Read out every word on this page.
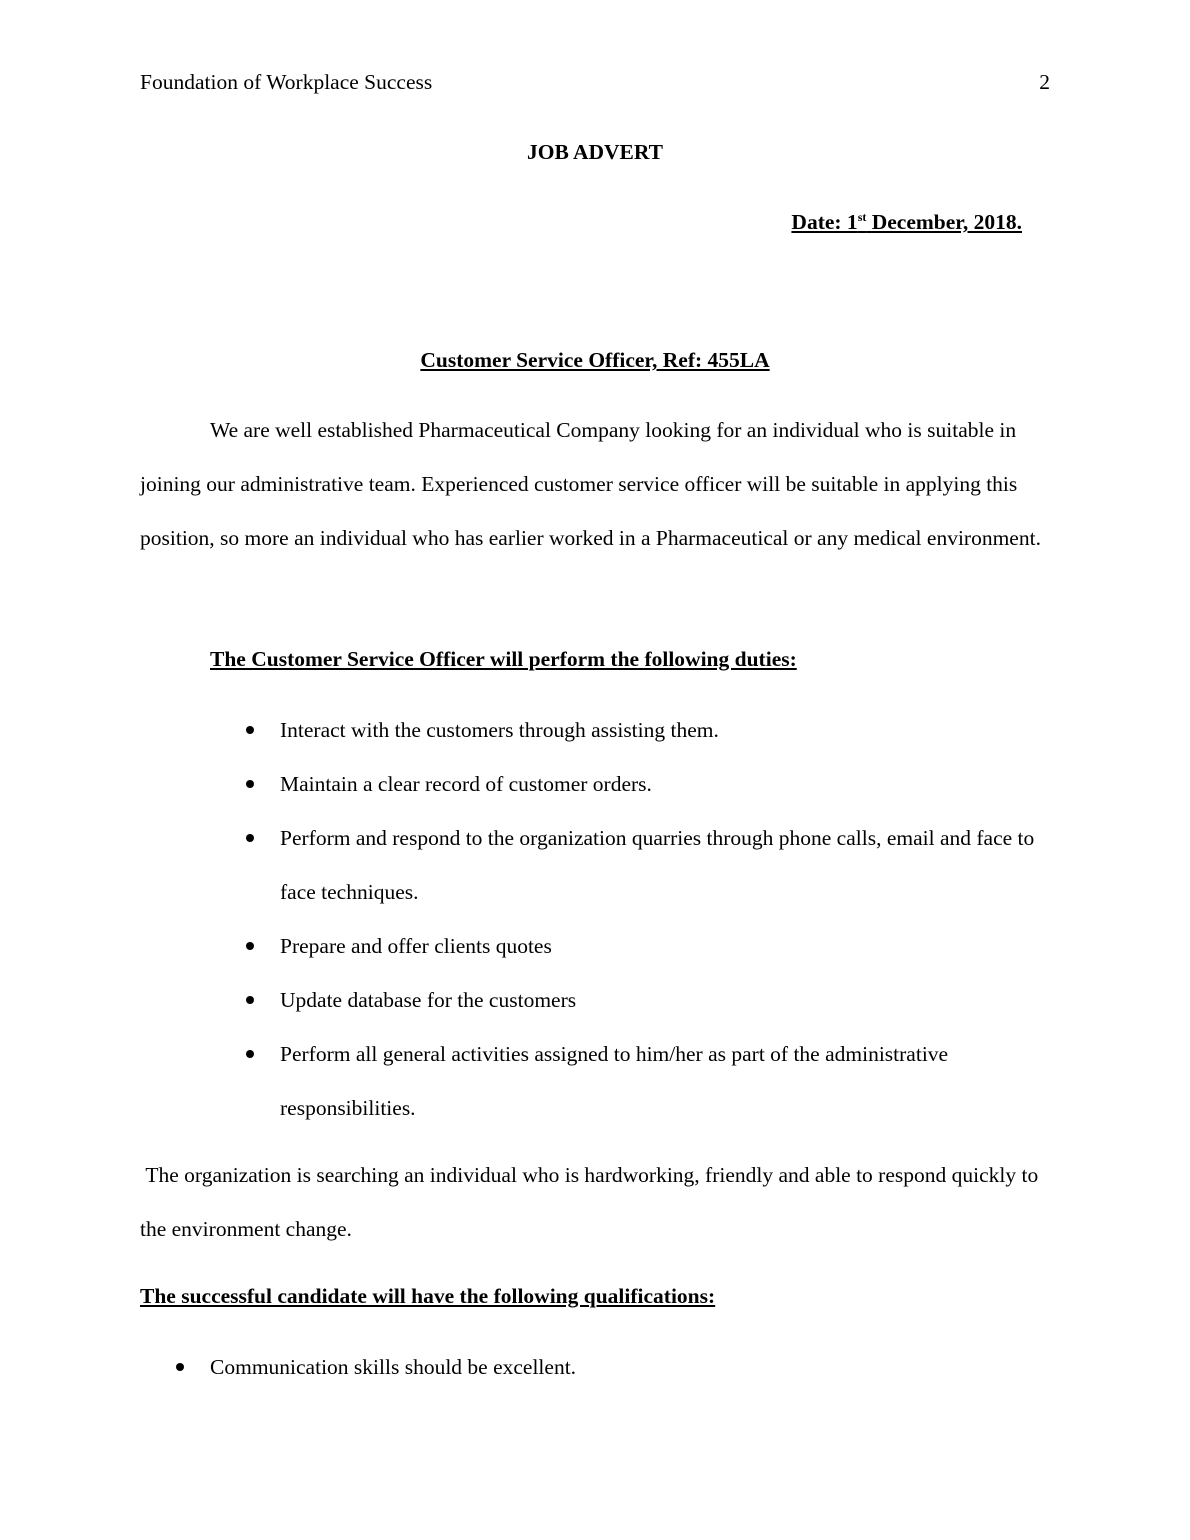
Foundation of Workplace Success	2
JOB ADVERT
Date: 1st December, 2018.
Customer Service Officer, Ref: 455LA
We are well established Pharmaceutical Company looking for an individual who is suitable in joining our administrative team. Experienced customer service officer will be suitable in applying this position, so more an individual who has earlier worked in a Pharmaceutical or any medical environment.
The Customer Service Officer will perform the following duties:
Interact with the customers through assisting them.
Maintain a clear record of customer orders.
Perform and respond to the organization quarries through phone calls, email and face to face techniques.
Prepare and offer clients quotes
Update database for the customers
Perform all general activities assigned to him/her as part of the administrative responsibilities.
The organization is searching an individual who is hardworking, friendly and able to respond quickly to the environment change.
The successful candidate will have the following qualifications:
Communication skills should be excellent.
